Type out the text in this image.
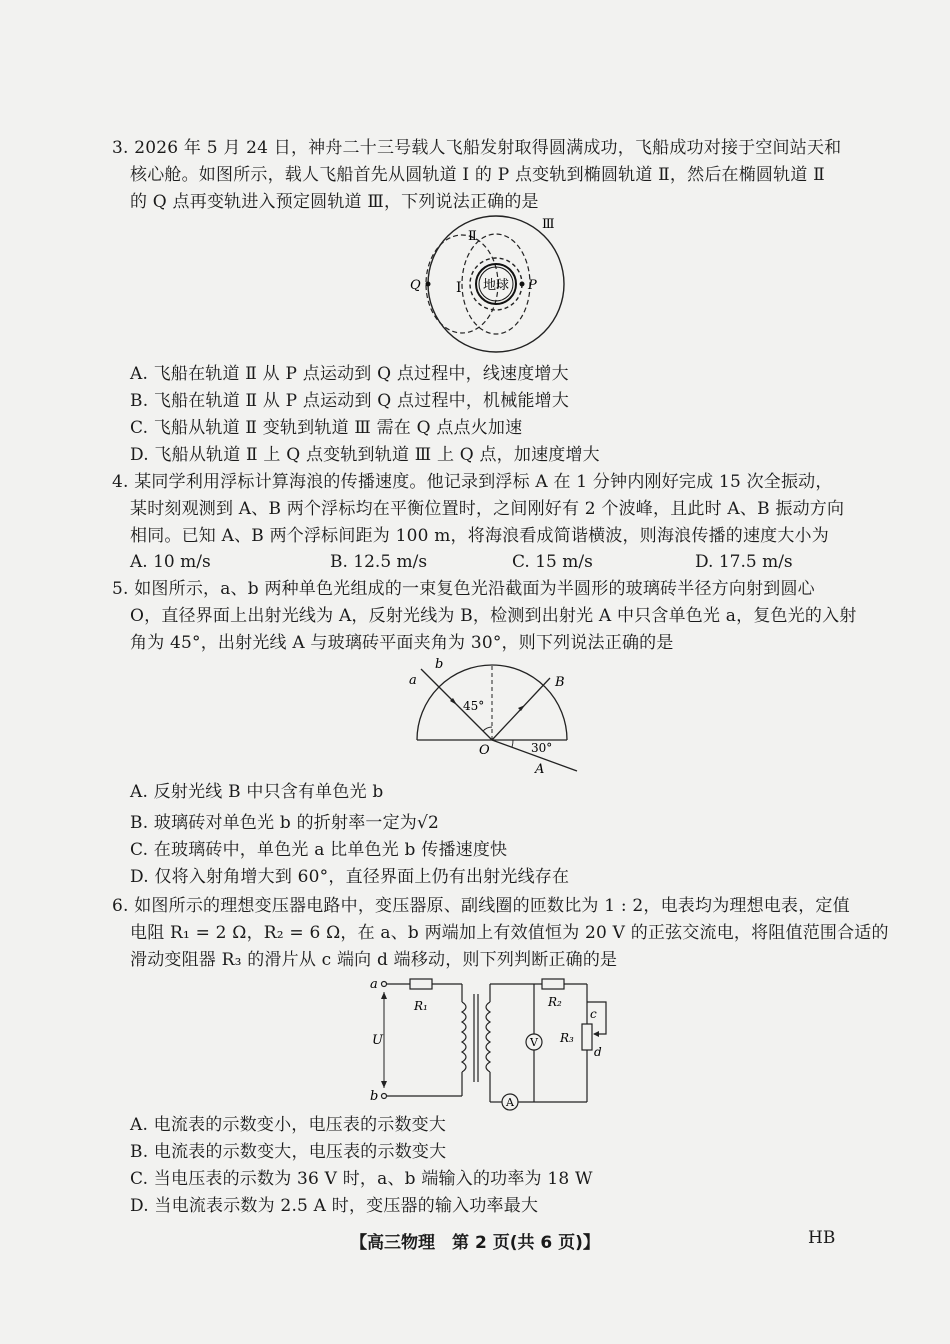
3. 2026 年 5 月 24 日，神舟二十三号载人飞船发射取得圆满成功，飞船成功对接于空间站天和
核心舱。如图所示，载人飞船首先从圆轨道 Ⅰ 的 P 点变轨到椭圆轨道 Ⅱ，然后在椭圆轨道 Ⅱ
的 Q 点再变轨进入预定圆轨道 Ⅲ，下列说法正确的是
地球 P
Q	Ⅰ
Ⅱ
Ⅲ
A. 飞船在轨道 Ⅱ 从 P 点运动到 Q 点过程中，线速度增大
B. 飞船在轨道 Ⅱ 从 P 点运动到 Q 点过程中，机械能增大
C. 飞船从轨道 Ⅱ 变轨到轨道 Ⅲ 需在 Q 点点火加速
D. 飞船从轨道 Ⅱ 上 Q 点变轨到轨道 Ⅲ 上 Q 点，加速度增大
4. 某同学利用浮标计算海浪的传播速度。他记录到浮标 A 在 1 分钟内刚好完成 15 次全振动，
某时刻观测到 A、B 两个浮标均在平衡位置时，之间刚好有 2 个波峰，且此时 A、B 振动方向
相同。已知 A、B 两个浮标间距为 100 m，将海浪看成简谐横波，则海浪传播的速度大小为
A. 10 m/s	B. 12.5 m/s	C. 15 m/s	D. 17.5 m/s
5. 如图所示，a、b 两种单色光组成的一束复色光沿截面为半圆形的玻璃砖半径方向射到圆心
O，直径界面上出射光线为 A，反射光线为 B，检测到出射光 A 中只含单色光 a，复色光的入射
角为 45°，出射光线 A 与玻璃砖平面夹角为 30°，则下列说法正确的是
a
b
B
45°
O	30°
A
A. 反射光线 B 中只含有单色光 b
B. 玻璃砖对单色光 b 的折射率一定为√2
C. 在玻璃砖中，单色光 a 比单色光 b 传播速度快
D. 仅将入射角增大到 60°，直径界面上仍有出射光线存在
6. 如图所示的理想变压器电路中，变压器原、副线圈的匝数比为 1 : 2，电表均为理想电表，定值
电阻 R₁ = 2 Ω，R₂ = 6 Ω，在 a、b 两端加上有效值恒为 20 V 的正弦交流电，将阻值范围合适的
滑动变阻器 R₃ 的滑片从 c 端向 d 端移动，则下列判断正确的是
a
b
U
R₁	R₂
R₃
c
d
A
V
A. 电流表的示数变小，电压表的示数变大
B. 电流表的示数变大，电压表的示数变大
C. 当电压表的示数为 36 V 时，a、b 端输入的功率为 18 W
D. 当电流表示数为 2.5 A 时，变压器的输入功率最大
【高三物理　第 2 页(共 6 页)】	HB
